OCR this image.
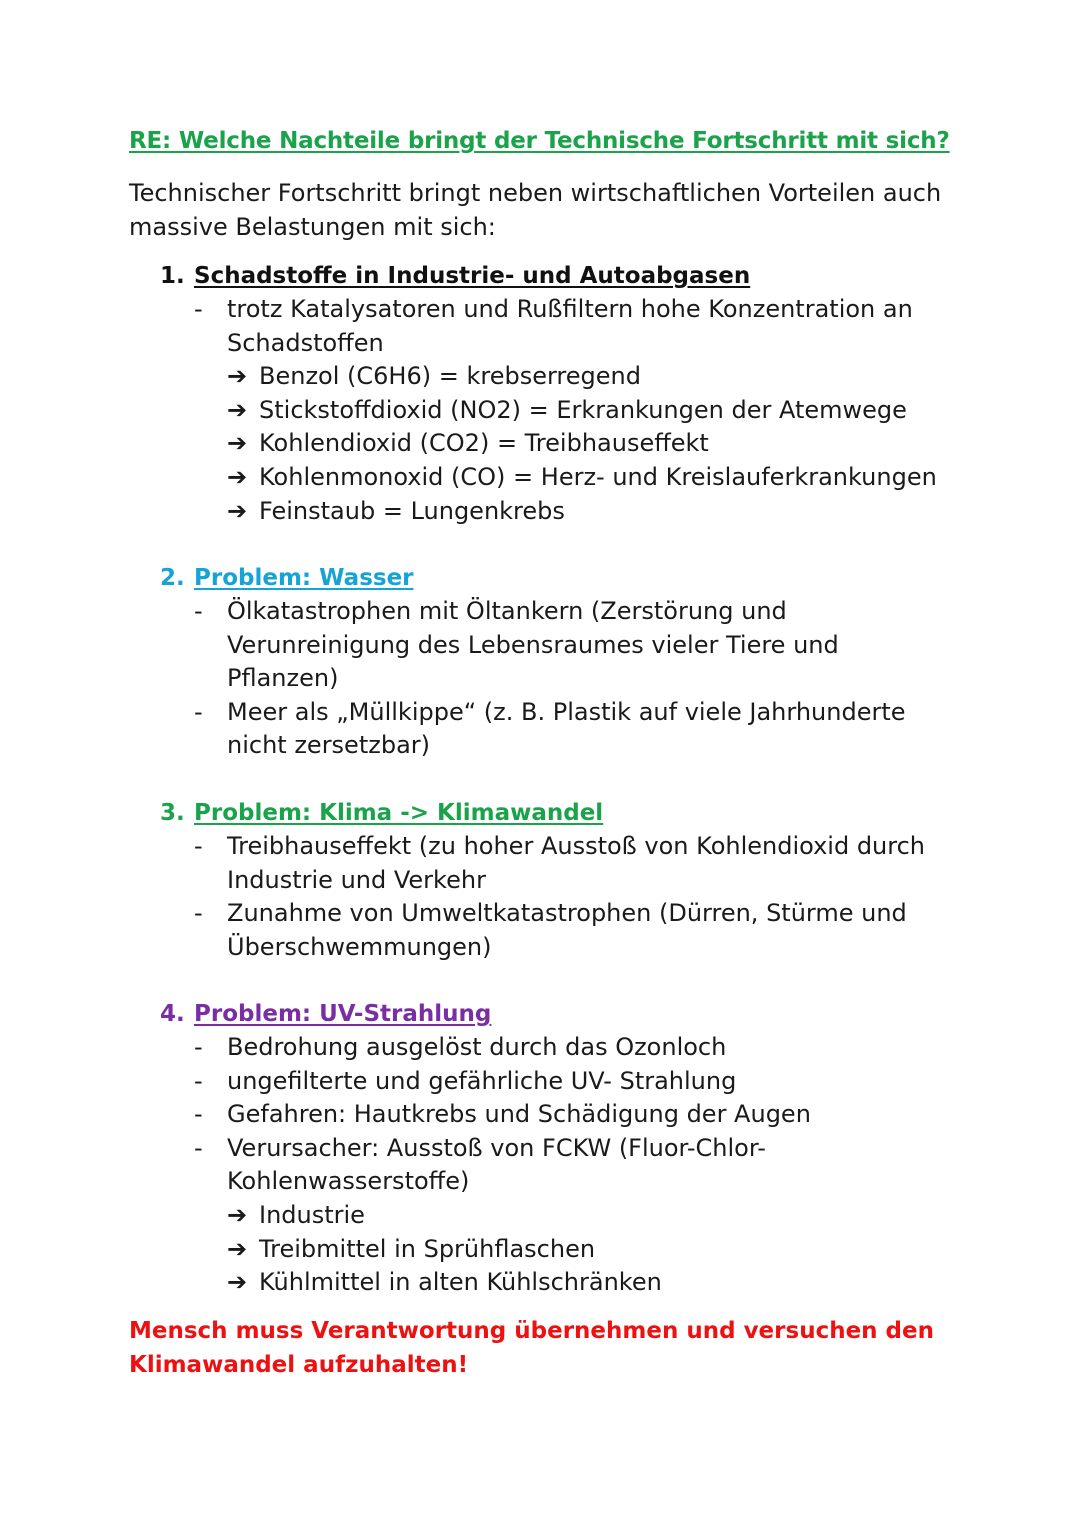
RE: Welche Nachteile bringt der Technische Fortschritt mit sich?
Technischer Fortschritt bringt neben wirtschaftlichen Vorteilen auch massive Belastungen mit sich:
1. Schadstoffe in Industrie- und Autoabgasen
- trotz Katalysatoren und Rußfiltern hohe Konzentration an Schadstoffen
➔ Benzol (C6H6) = krebserregend
➔ Stickstoffdioxid (NO2) = Erkrankungen der Atemwege
➔ Kohlendioxid (CO2) = Treibhauseffekt
➔ Kohlenmonoxid (CO) = Herz- und Kreislauferkrankungen
➔ Feinstaub = Lungenkrebs
2. Problem: Wasser
- Ölkatastrophen mit Öltankern (Zerstörung und Verunreinigung des Lebensraumes vieler Tiere und Pflanzen)
- Meer als „Müllkippe“ (z. B. Plastik auf viele Jahrhunderte nicht zersetzbar)
3. Problem: Klima -> Klimawandel
- Treibhauseffekt (zu hoher Ausstoß von Kohlendioxid durch Industrie und Verkehr
- Zunahme von Umweltkatastrophen (Dürren, Stürme und Überschwemmungen)
4. Problem: UV-Strahlung
- Bedrohung ausgelöst durch das Ozonloch
- ungefilterte und gefährliche UV- Strahlung
- Gefahren: Hautkrebs und Schädigung der Augen
- Verursacher: Ausstoß von FCKW (Fluor-Chlor-Kohlenwasserstoffe)
➔ Industrie
➔ Treibmittel in Sprühflaschen
➔ Kühlmittel in alten Kühlschränken
Mensch muss Verantwortung übernehmen und versuchen den Klimawandel aufzuhalten!
